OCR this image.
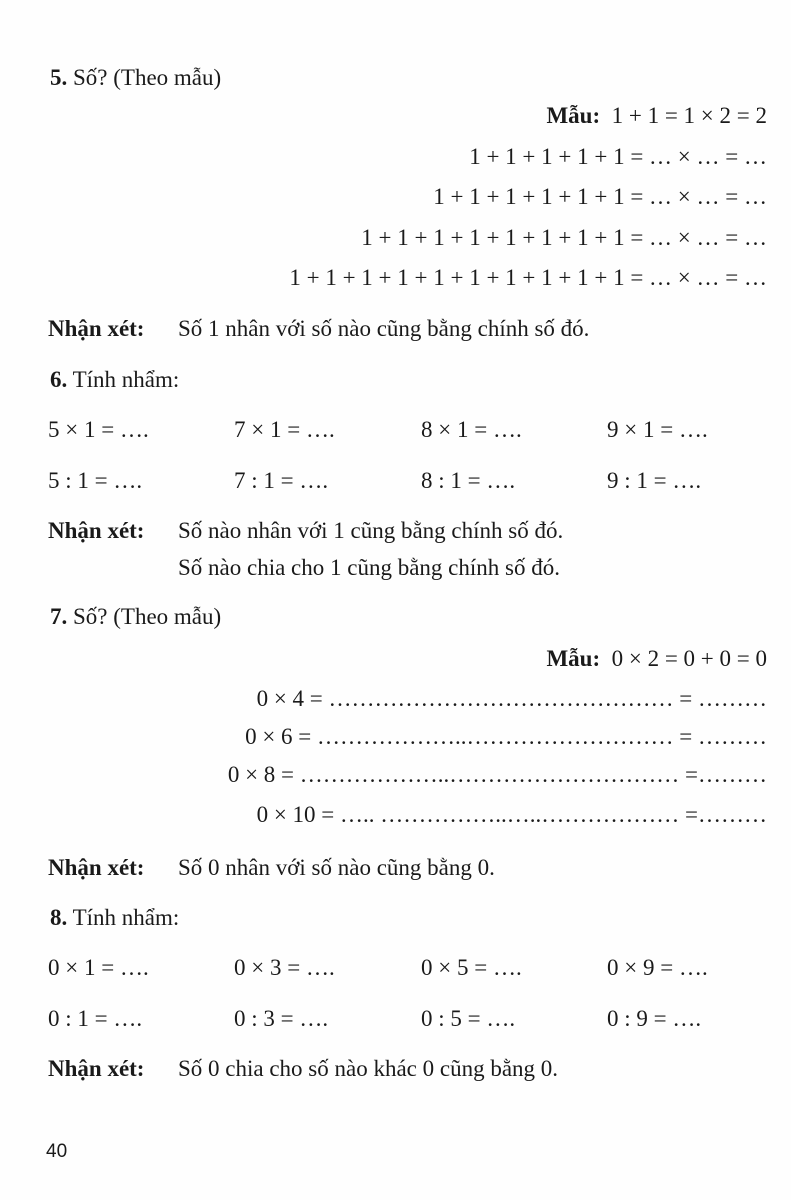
5. Số? (Theo mẫu)
Mẫu: 1 + 1 = 1 × 2 = 2
1 + 1 + 1 + 1 + 1 = … × … = …
1 + 1 + 1 + 1 + 1 + 1 = … × … = …
1 + 1 + 1 + 1 + 1 + 1 + 1 + 1 = … × … = …
1 + 1 + 1 + 1 + 1 + 1 + 1 + 1 + 1 + 1 = … × … = …
Nhận xét: Số 1 nhân với số nào cũng bằng chính số đó.
6. Tính nhẩm:
5 × 1 = ….	7 × 1 = ….	8 × 1 = ….	9 × 1 = ….
5 : 1 = ….	7 : 1 = ….	8 : 1 = ….	9 : 1 = ….
Nhận xét: Số nào nhân với 1 cũng bằng chính số đó.
Số nào chia cho 1 cũng bằng chính số đó.
7. Số? (Theo mẫu)
Mẫu: 0 × 2 = 0 + 0 = 0
0 × 4 = ……………………………………… = ………
0 × 6 = ………………..……………………… = ………
0 × 8 = ………………..………………………… =………
0 × 10 = ….. ……………..…..……………… =………
Nhận xét: Số 0 nhân với số nào cũng bằng 0.
8. Tính nhẩm:
0 × 1 = ….	0 × 3 = ….	0 × 5 = ….	0 × 9 = ….
0 : 1 = ….	0 : 3 = ….	0 : 5 = ….	0 : 9 = ….
Nhận xét: Số 0 chia cho số nào khác 0 cũng bằng 0.
40
